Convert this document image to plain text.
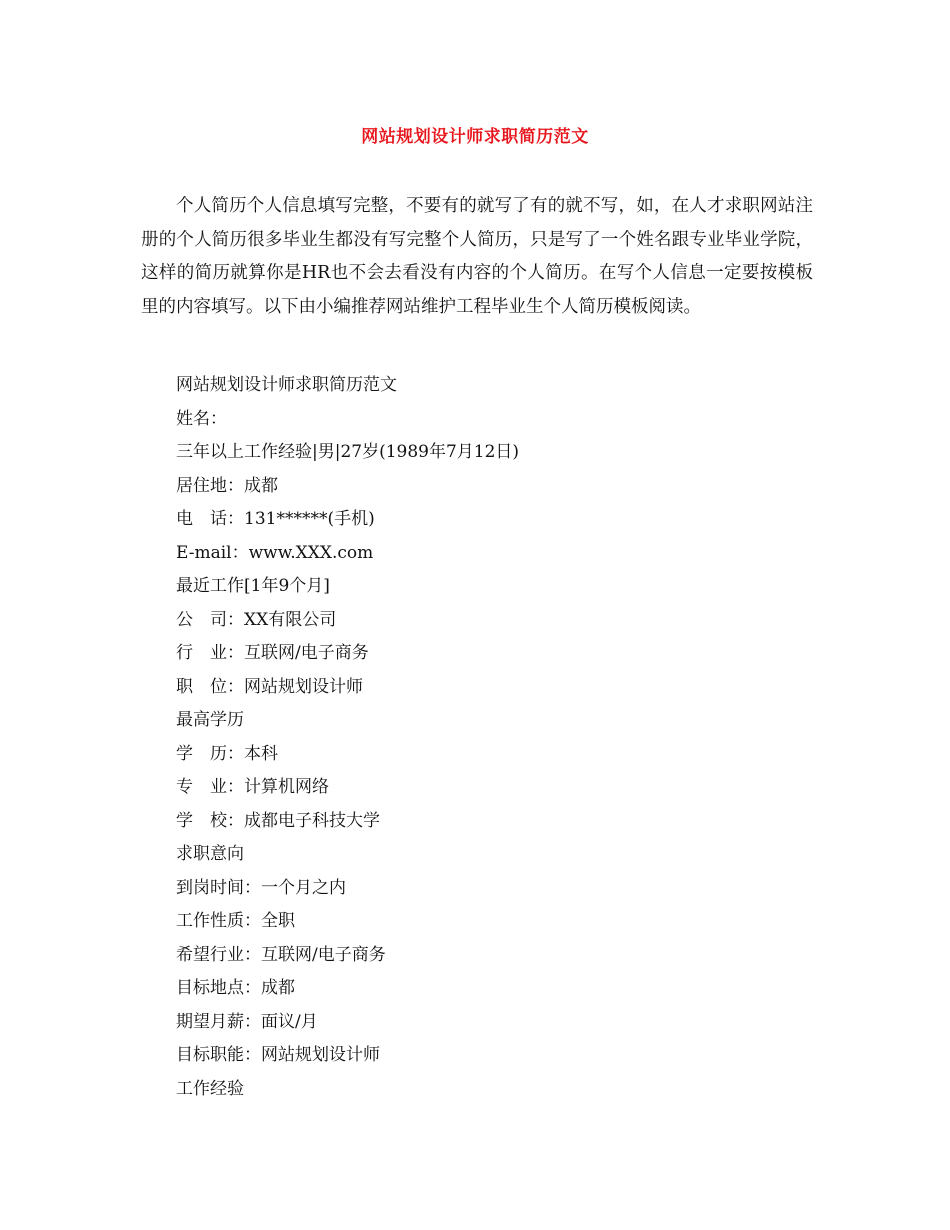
网站规划设计师求职简历范文

个人简历个人信息填写完整，不要有的就写了有的就不写，如，在人才求职网站注册的个人简历很多毕业生都没有写完整个人简历，只是写了一个姓名跟专业毕业学院，这样的简历就算你是HR也不会去看没有内容的个人简历。在写个人信息一定要按模板里的内容填写。以下由小编推荐网站维护工程毕业生个人简历模板阅读。

网站规划设计师求职简历范文
姓名：
三年以上工作经验|男|27岁(1989年7月12日)
居住地：成都
电　话：131******(手机)
E-mail：www.XXX.com
最近工作[1年9个月]
公　司：XX有限公司
行　业：互联网/电子商务
职　位：网站规划设计师
最高学历
学　历：本科
专　业：计算机网络
学　校：成都电子科技大学
求职意向
到岗时间：一个月之内
工作性质：全职
希望行业：互联网/电子商务
目标地点：成都
期望月薪：面议/月
目标职能：网站规划设计师
工作经验
